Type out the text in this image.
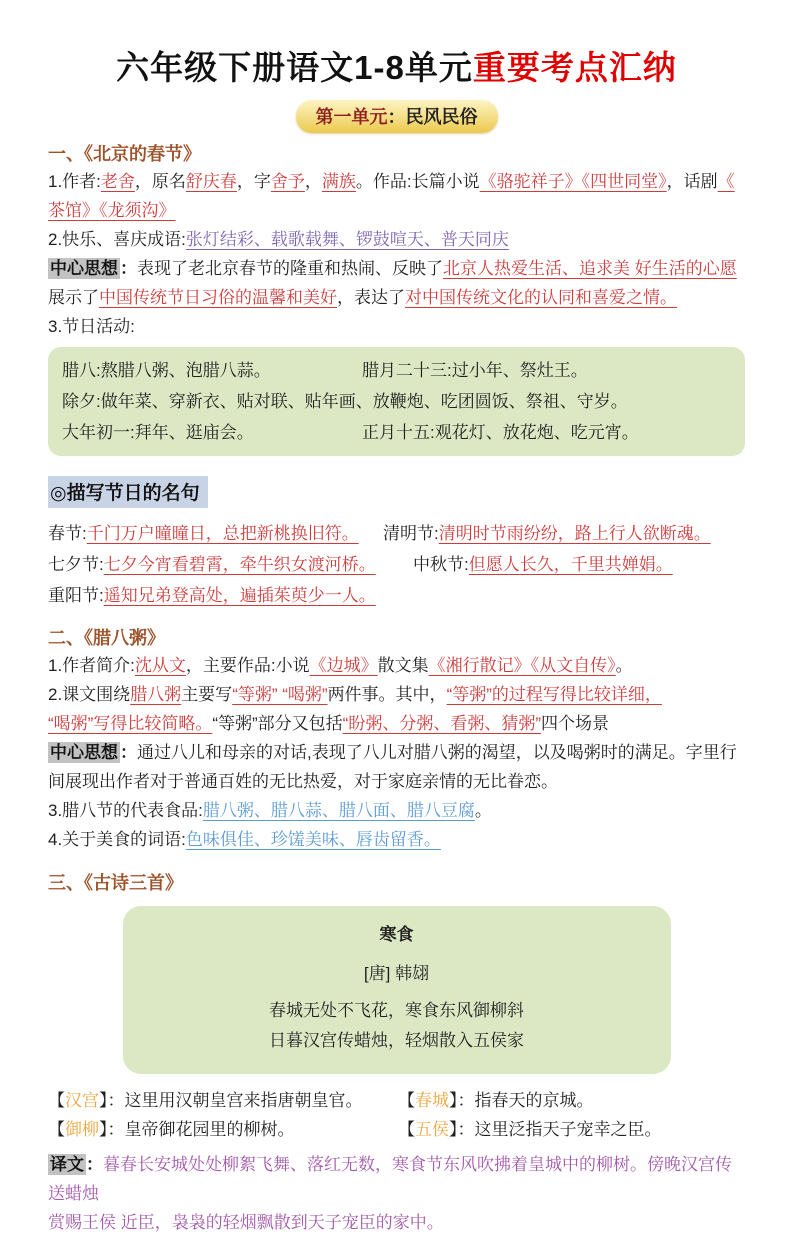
六年级下册语文1-8单元重要考点汇纳
第一单元：民风民俗
一、《北京的春节》

1.作者:老舍，原名舒庆春，字舍予，满族。作品:长篇小说《骆驼祥子》《四世同堂》，话剧《

茶馆》《龙须沟》

2.快乐、喜庆成语:张灯结彩、载歌载舞、锣鼓喧天、普天同庆

中心思想 ：表现了老北京春节的隆重和热闹、反映了北京人热爱生活、追求美 好生活的心愿

展示了中国传统节日习俗的温馨和美好，表达了对中国传统文化的认同和喜爱之情。

3.节日活动:

腊八:熬腊八粥、泡腊八蒜。	腊月二十三:过小年、祭灶王。
除夕:做年菜、穿新衣、贴对联、贴年画、放鞭炮、吃团圆饭、祭祖、守岁。
大年初一:拜年、逛庙会。	正月十五:观花灯、放花炮、吃元宵。
◎描写节日的名句
春节:千门万户曈曈日，总把新桃换旧符。 清明节:清明时节雨纷纷，路上行人欲断魂。
七夕节:七夕今宵看碧霄，牵牛织女渡河桥。 中秋节:但愿人长久，千里共婵娟。
重阳节:遥知兄弟登高处，遍插茱萸少一人。
二、《腊八粥》

1.作者简介:沈从文，主要作品:小说《边城》散文集《湘行散记》《从文自传》。

2.课文围绕腊八粥主要写“等粥” “喝粥”两件事。其中，“等粥”的过程写得比较详细，

“喝粥”写得比较简略。“等粥”部分又包括“盼粥、分粥、看粥、猜粥”四个场景

中心思想 ：通过八儿和母亲的对话,表现了八儿对腊八粥的渴望，以及喝粥时的满足。字里行

间展现出作者对于普通百姓的无比热爱，对于家庭亲情的无比眷恋。

3.腊八节的代表食品:腊八粥、腊八蒜、腊八面、腊八豆腐。

4.关于美食的词语:色味俱佳、珍馐美味、唇齿留香。

三、《古诗三首》
寒食
[唐] 韩翃
春城无处不飞花，寒食东风御柳斜
日暮汉宫传蜡烛，轻烟散入五侯家
【汉宫】：这里用汉朝皇宫来指唐朝皇官。 【春城】：指春天的京城。
【御柳】：皇帝御花园里的柳树。	【五侯】：这里泛指天子宠幸之臣。

译文 ：暮春长安城处处柳絮飞舞、落红无数，寒食节东风吹拂着皇城中的柳树。傍晚汉宫传送蜡烛

赏赐王侯 近臣，袅袅的轻烟飘散到天子宠臣的家中。
